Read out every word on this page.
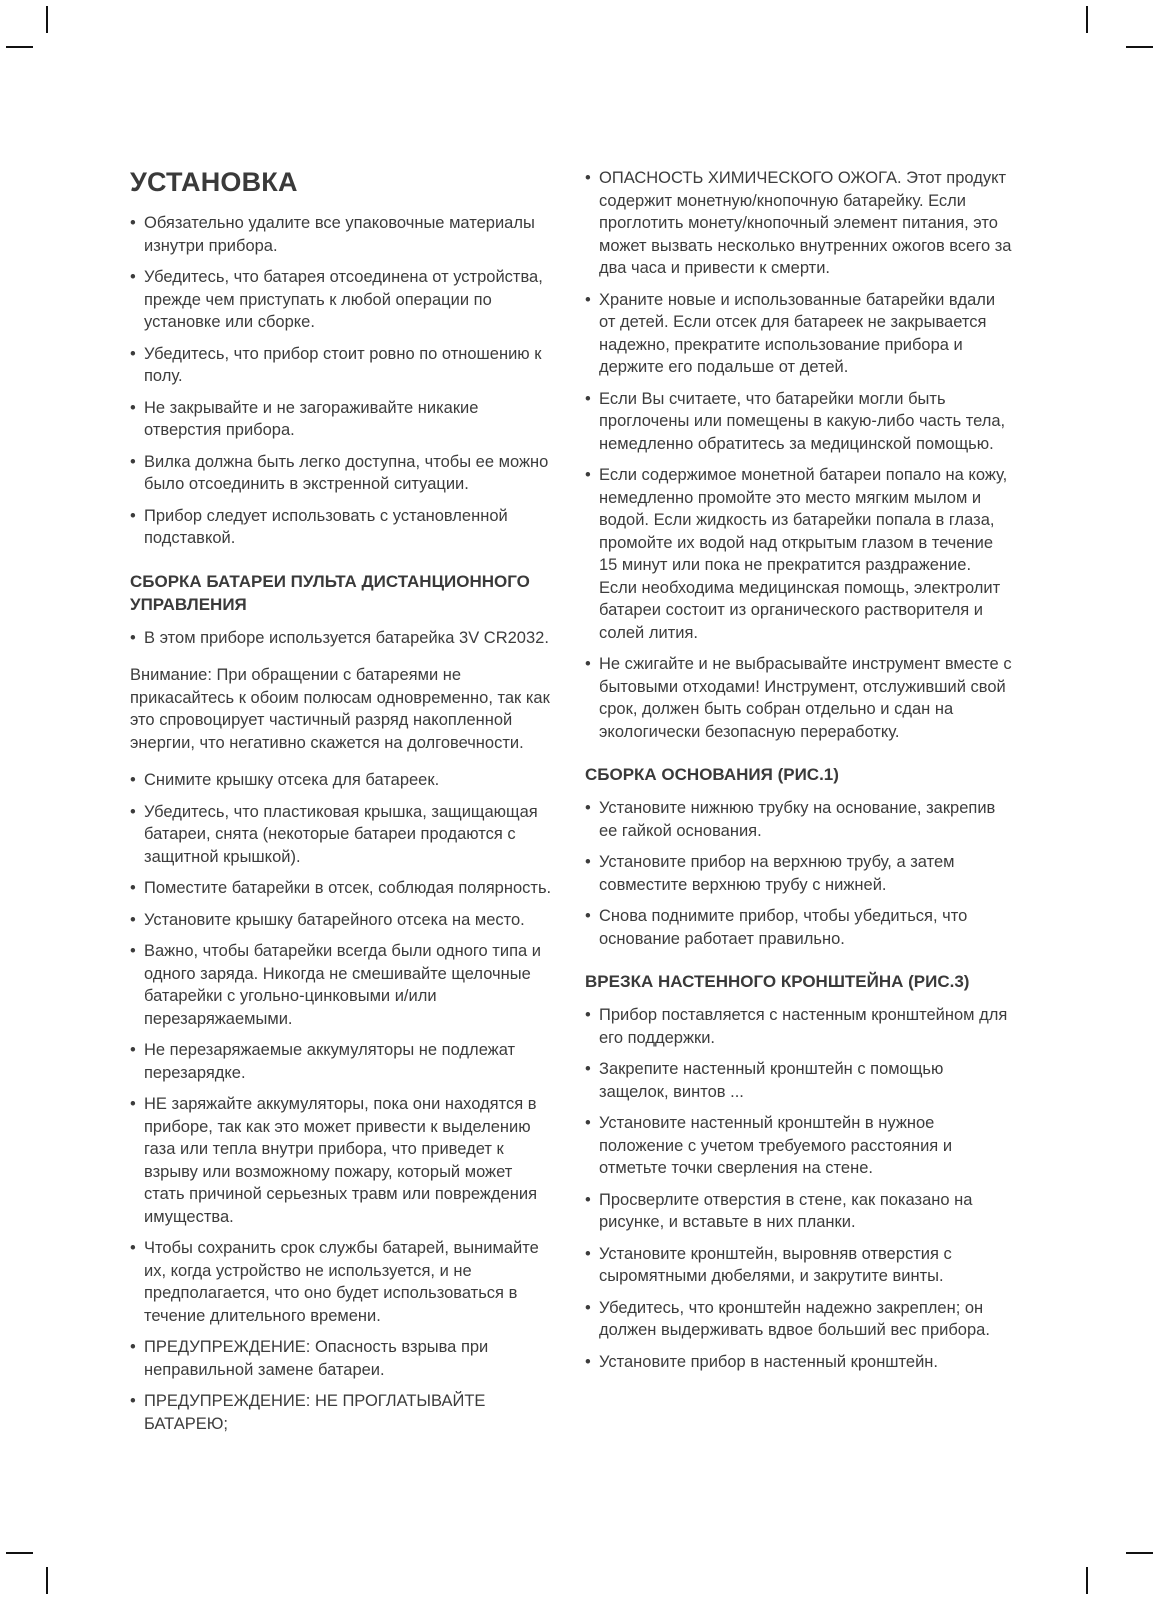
УСТАНОВКА
• Обязательно удалите все упаковочные материалы изнутри прибора.
• Убедитесь, что батарея отсоединена от устройства, прежде чем приступать к любой операции по установке или сборке.
• Убедитесь, что прибор стоит ровно по отношению к полу.
• Не закрывайте и не загораживайте никакие отверстия прибора.
• Вилка должна быть легко доступна, чтобы ее можно было отсоединить в экстренной ситуации.
• Прибор следует использовать с установленной подставкой.
СБОРКА БАТАРЕИ ПУЛЬТА ДИСТАНЦИОННОГО УПРАВЛЕНИЯ
• В этом приборе используется батарейка 3V CR2032.

Внимание: При обращении с батареями не прикасайтесь к обоим полюсам одновременно, так как это спровоцирует частичный разряд накопленной энергии, что негативно скажется на долговечности.

• Снимите крышку отсека для батареек.
• Убедитесь, что пластиковая крышка, защищающая батареи, снята (некоторые батареи продаются с защитной крышкой).
• Поместите батарейки в отсек, соблюдая полярность.
• Установите крышку батарейного отсека на место.
• Важно, чтобы батарейки всегда были одного типа и одного заряда. Никогда не смешивайте щелочные батарейки с угольно-цинковыми и/или перезаряжаемыми.
• Не перезаряжаемые аккумуляторы не подлежат перезарядке.
• НЕ заряжайте аккумуляторы, пока они находятся в приборе, так как это может привести к выделению газа или тепла внутри прибора, что приведет к взрыву или возможному пожару, который может стать причиной серьезных травм или повреждения имущества.
• Чтобы сохранить срок службы батарей, вынимайте их, когда устройство не используется, и не предполагается, что оно будет использоваться в течение длительного времени.
• ПРЕДУПРЕЖДЕНИЕ: Опасность взрыва при неправильной замене батареи.
• ПРЕДУПРЕЖДЕНИЕ: НЕ ПРОГЛАТЫВАЙТЕ БАТАРЕЮ;
• ОПАСНОСТЬ ХИМИЧЕСКОГО ОЖОГА. Этот продукт содержит монетную/кнопочную батарейку. Если проглотить монету/кнопочный элемент питания, это может вызвать несколько внутренних ожогов всего за два часа и привести к смерти.
• Храните новые и использованные батарейки вдали от детей. Если отсек для батареек не закрывается надежно, прекратите использование прибора и держите его подальше от детей.
• Если Вы считаете, что батарейки могли быть проглочены или помещены в какую-либо часть тела, немедленно обратитесь за медицинской помощью.
• Если содержимое монетной батареи попало на кожу, немедленно промойте это место мягким мылом и водой. Если жидкость из батарейки попала в глаза, промойте их водой над открытым глазом в течение 15 минут или пока не прекратится раздражение. Если необходима медицинская помощь, электролит батареи состоит из органического растворителя и солей лития.
• Не сжигайте и не выбрасывайте инструмент вместе с бытовыми отходами! Инструмент, отслуживший свой срок, должен быть собран отдельно и сдан на экологически безопасную переработку.
СБОРКА ОСНОВАНИЯ (РИС.1)
• Установите нижнюю трубку на основание, закрепив ее гайкой основания.
• Установите прибор на верхнюю трубу, а затем совместите верхнюю трубу с нижней.
• Снова поднимите прибор, чтобы убедиться, что основание работает правильно.
ВРЕЗКА НАСТЕННОГО КРОНШТЕЙНА (РИС.3)
• Прибор поставляется с настенным кронштейном для его поддержки.
• Закрепите настенный кронштейн с помощью защелок, винтов ...
• Установите настенный кронштейн в нужное положение с учетом требуемого расстояния и отметьте точки сверления на стене.
• Просверлите отверстия в стене, как показано на рисунке, и вставьте в них планки.
• Установите кронштейн, выровняв отверстия с сыромятными дюбелями, и закрутите винты.
• Убедитесь, что кронштейн надежно закреплен; он должен выдерживать вдвое больший вес прибора.
• Установите прибор в настенный кронштейн.
